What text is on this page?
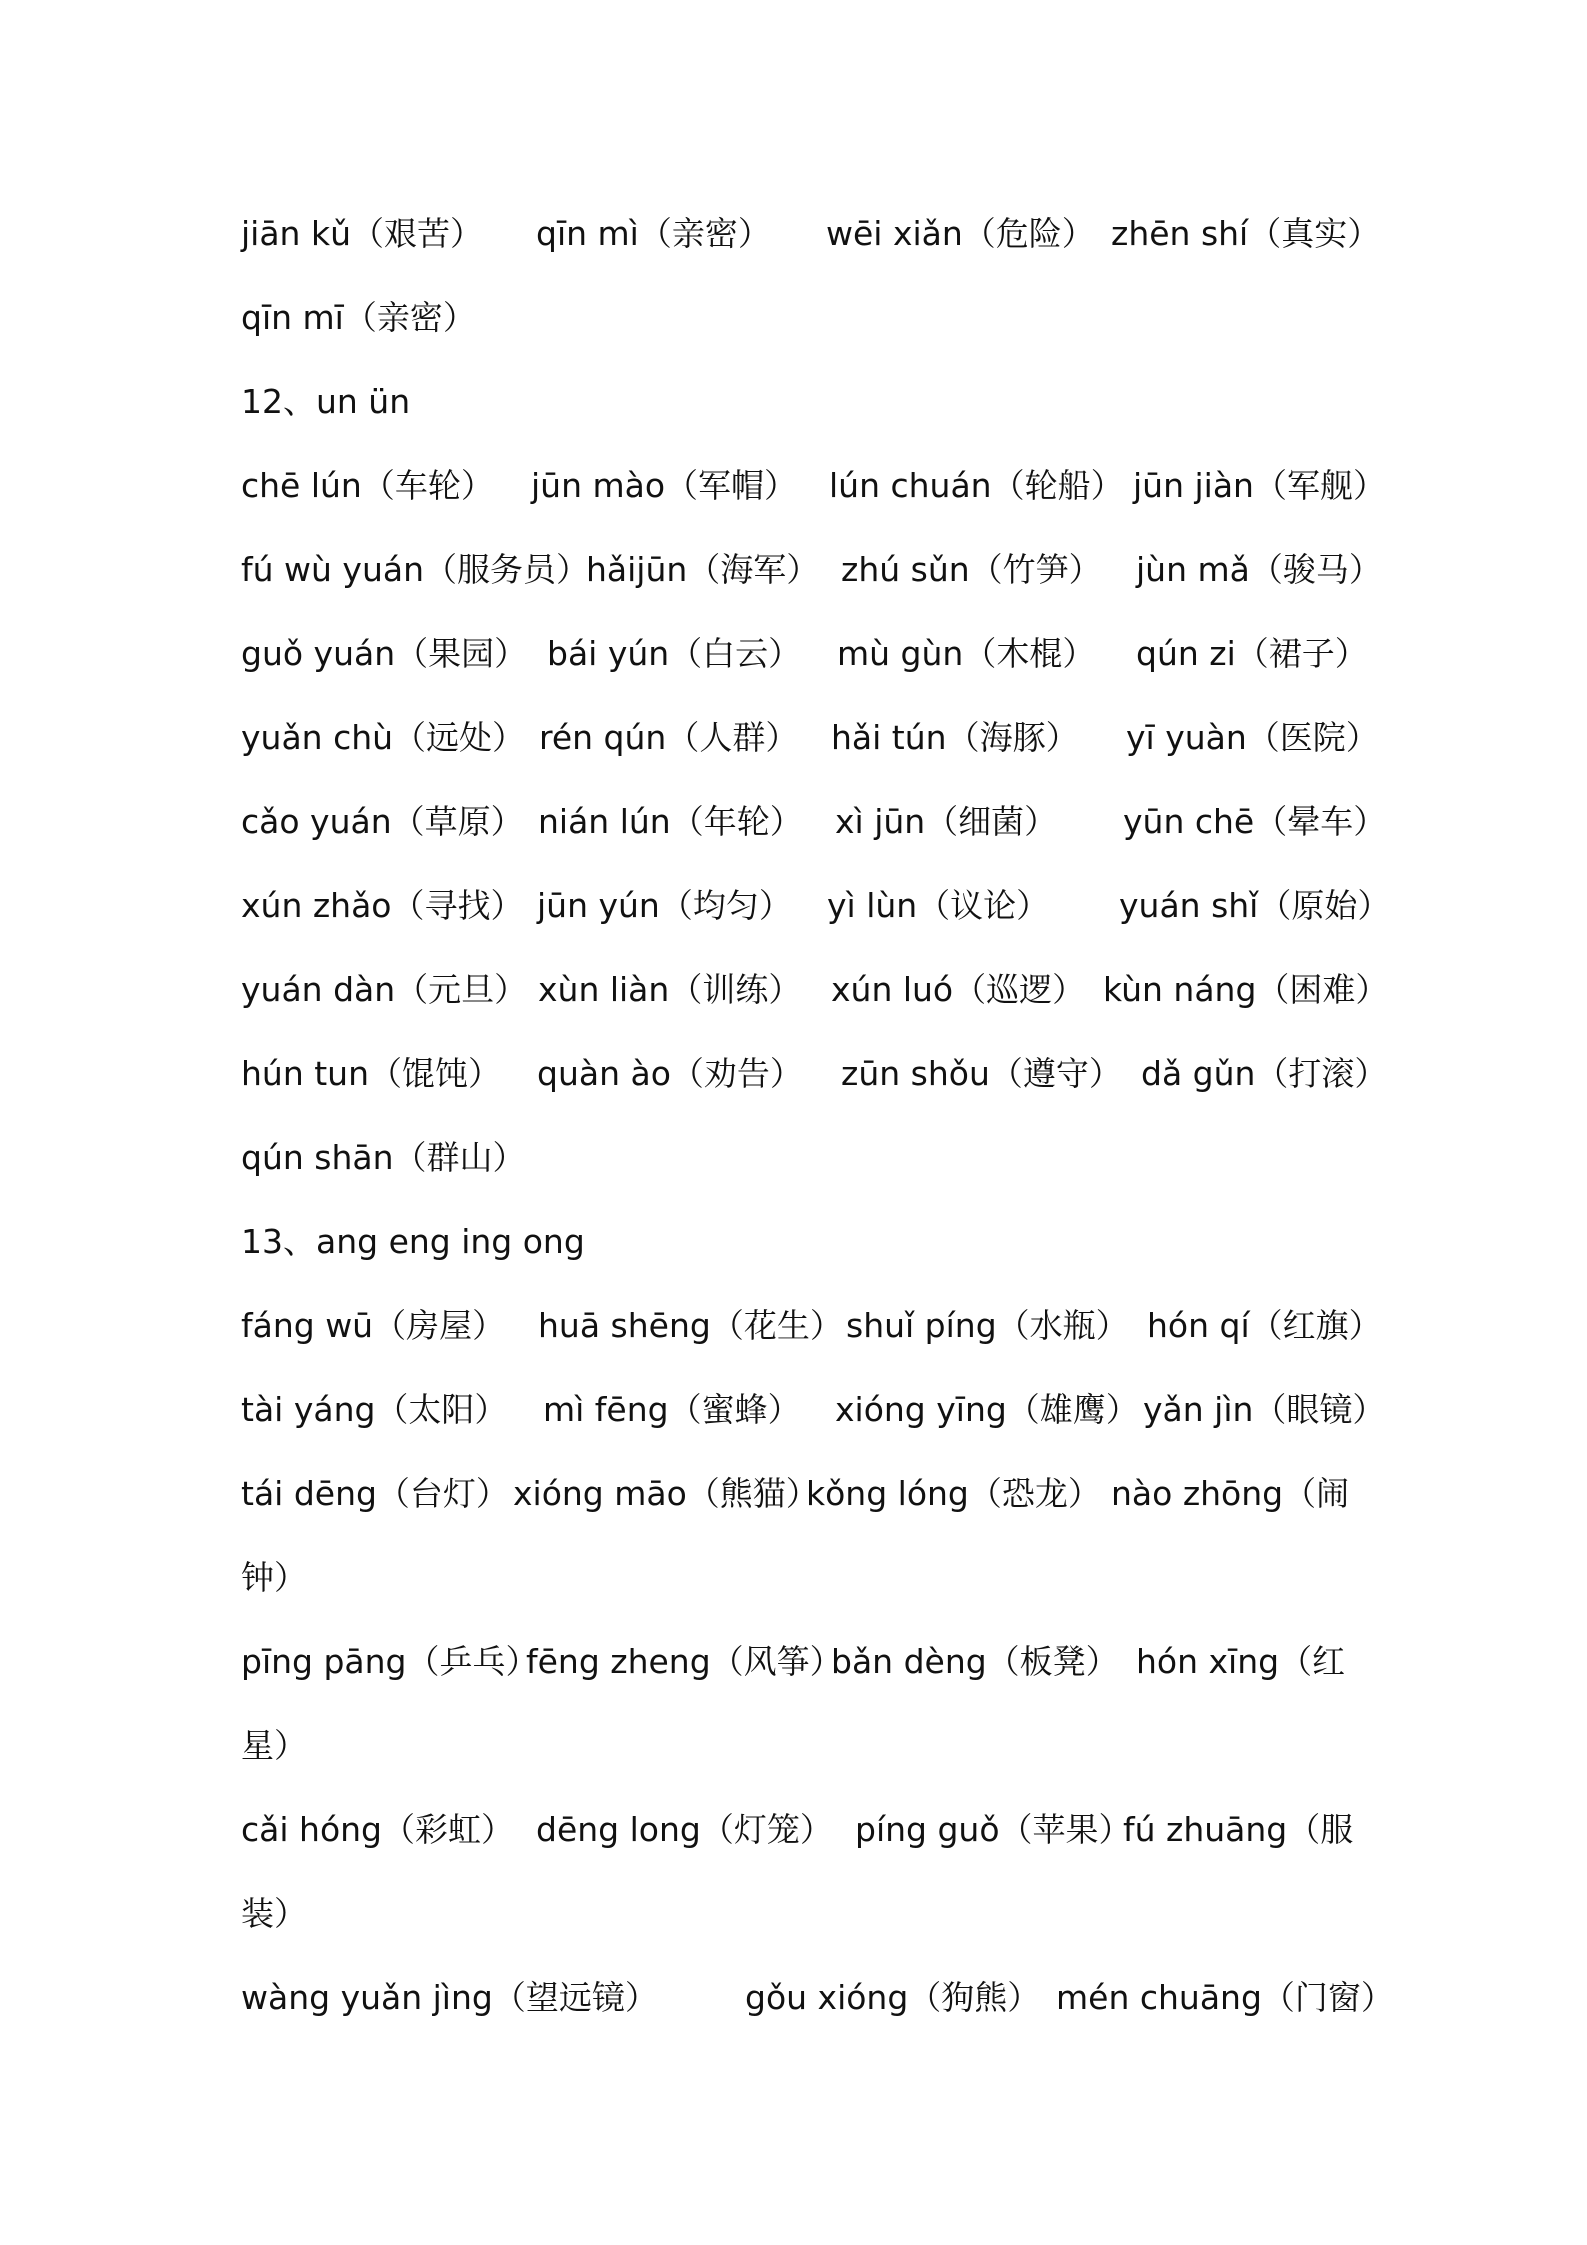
jiān kǔ（艰苦） qīn mì（亲密） wēi xiǎn（危险） zhēn shí（真实）
qīn mī（亲密）
12、un ün
chē lún（车轮） jūn mào（军帽） lún chuán（轮船） jūn jiàn（军舰）
fú wù yuán（服务员）
hǎijūn（海军） zhú sǔn（竹笋） jùn mǎ（骏马）
guǒ yuán（果园） bái yún（白云） mù gùn（木棍） qún zi（裙子）
yuǎn chù（远处） rén qún（人群） hǎi tún（海豚） yī yuàn（医院）
cǎo yuán（草原） nián lún（年轮） xì jūn（细菌） yūn chē（晕车）
xún zhǎo（寻找） jūn yún（均匀） yì lùn（议论） yuán shǐ（原始）
yuán dàn（元旦） xùn liàn（训练） xún luó（巡逻） kùn náng（困难）
hún tun（馄饨） quàn ào（劝告） zūn shǒu（遵守） dǎ gǔn（打滚）
qún shān（群山）
13、ang eng ing ong
fáng wū（房屋） huā shēng（花生） shuǐ píng（水瓶） hón qí（红旗）
tài yáng（太阳） mì fēng（蜜蜂） xióng yīng（雄鹰） yǎn jìn（眼镜）
tái dēng（台灯） xióng māo（熊猫）
kǒng lóng（恐龙） nào zhōng（闹
钟）
pīng pāng（乒乓）
fēng zheng（风筝）
bǎn dèng（板凳） hón xīng（红
星）
cǎi hóng（彩虹） dēng long（灯笼） píng guǒ（苹果）
fú zhuāng（服
装）
wàng yuǎn jìng（望远镜）	gǒu xióng（狗熊） mén chuāng（门窗）
